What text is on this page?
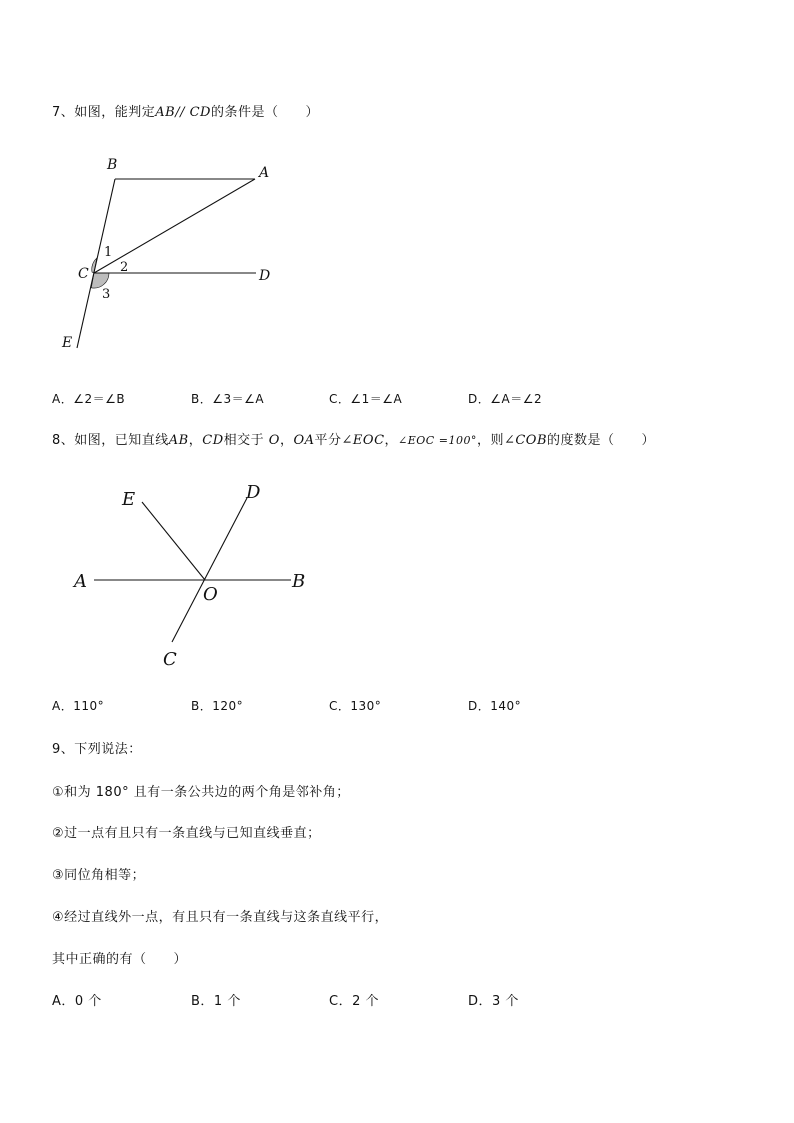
7、如图，能判定AB// CD的条件是（　　）
B	A
C	D
E
1
2
3
A．∠2＝∠B	B．∠3＝∠A	C．∠1＝∠A	D．∠A＝∠2
8、如图，已知直线AB，CD相交于 O，OA平分∠EOC，∠EOC =100°，则∠COB的度数是（　　）
E	D
A
O
B
C
A．110°	B．120°	C．130°	D．140°
9、下列说法：
①和为 180° 且有一条公共边的两个角是邻补角；
②过一点有且只有一条直线与已知直线垂直；
③同位角相等；
④经过直线外一点，有且只有一条直线与这条直线平行，
其中正确的有（　　）
A．0 个	B．1 个	C．2 个	D．3 个
